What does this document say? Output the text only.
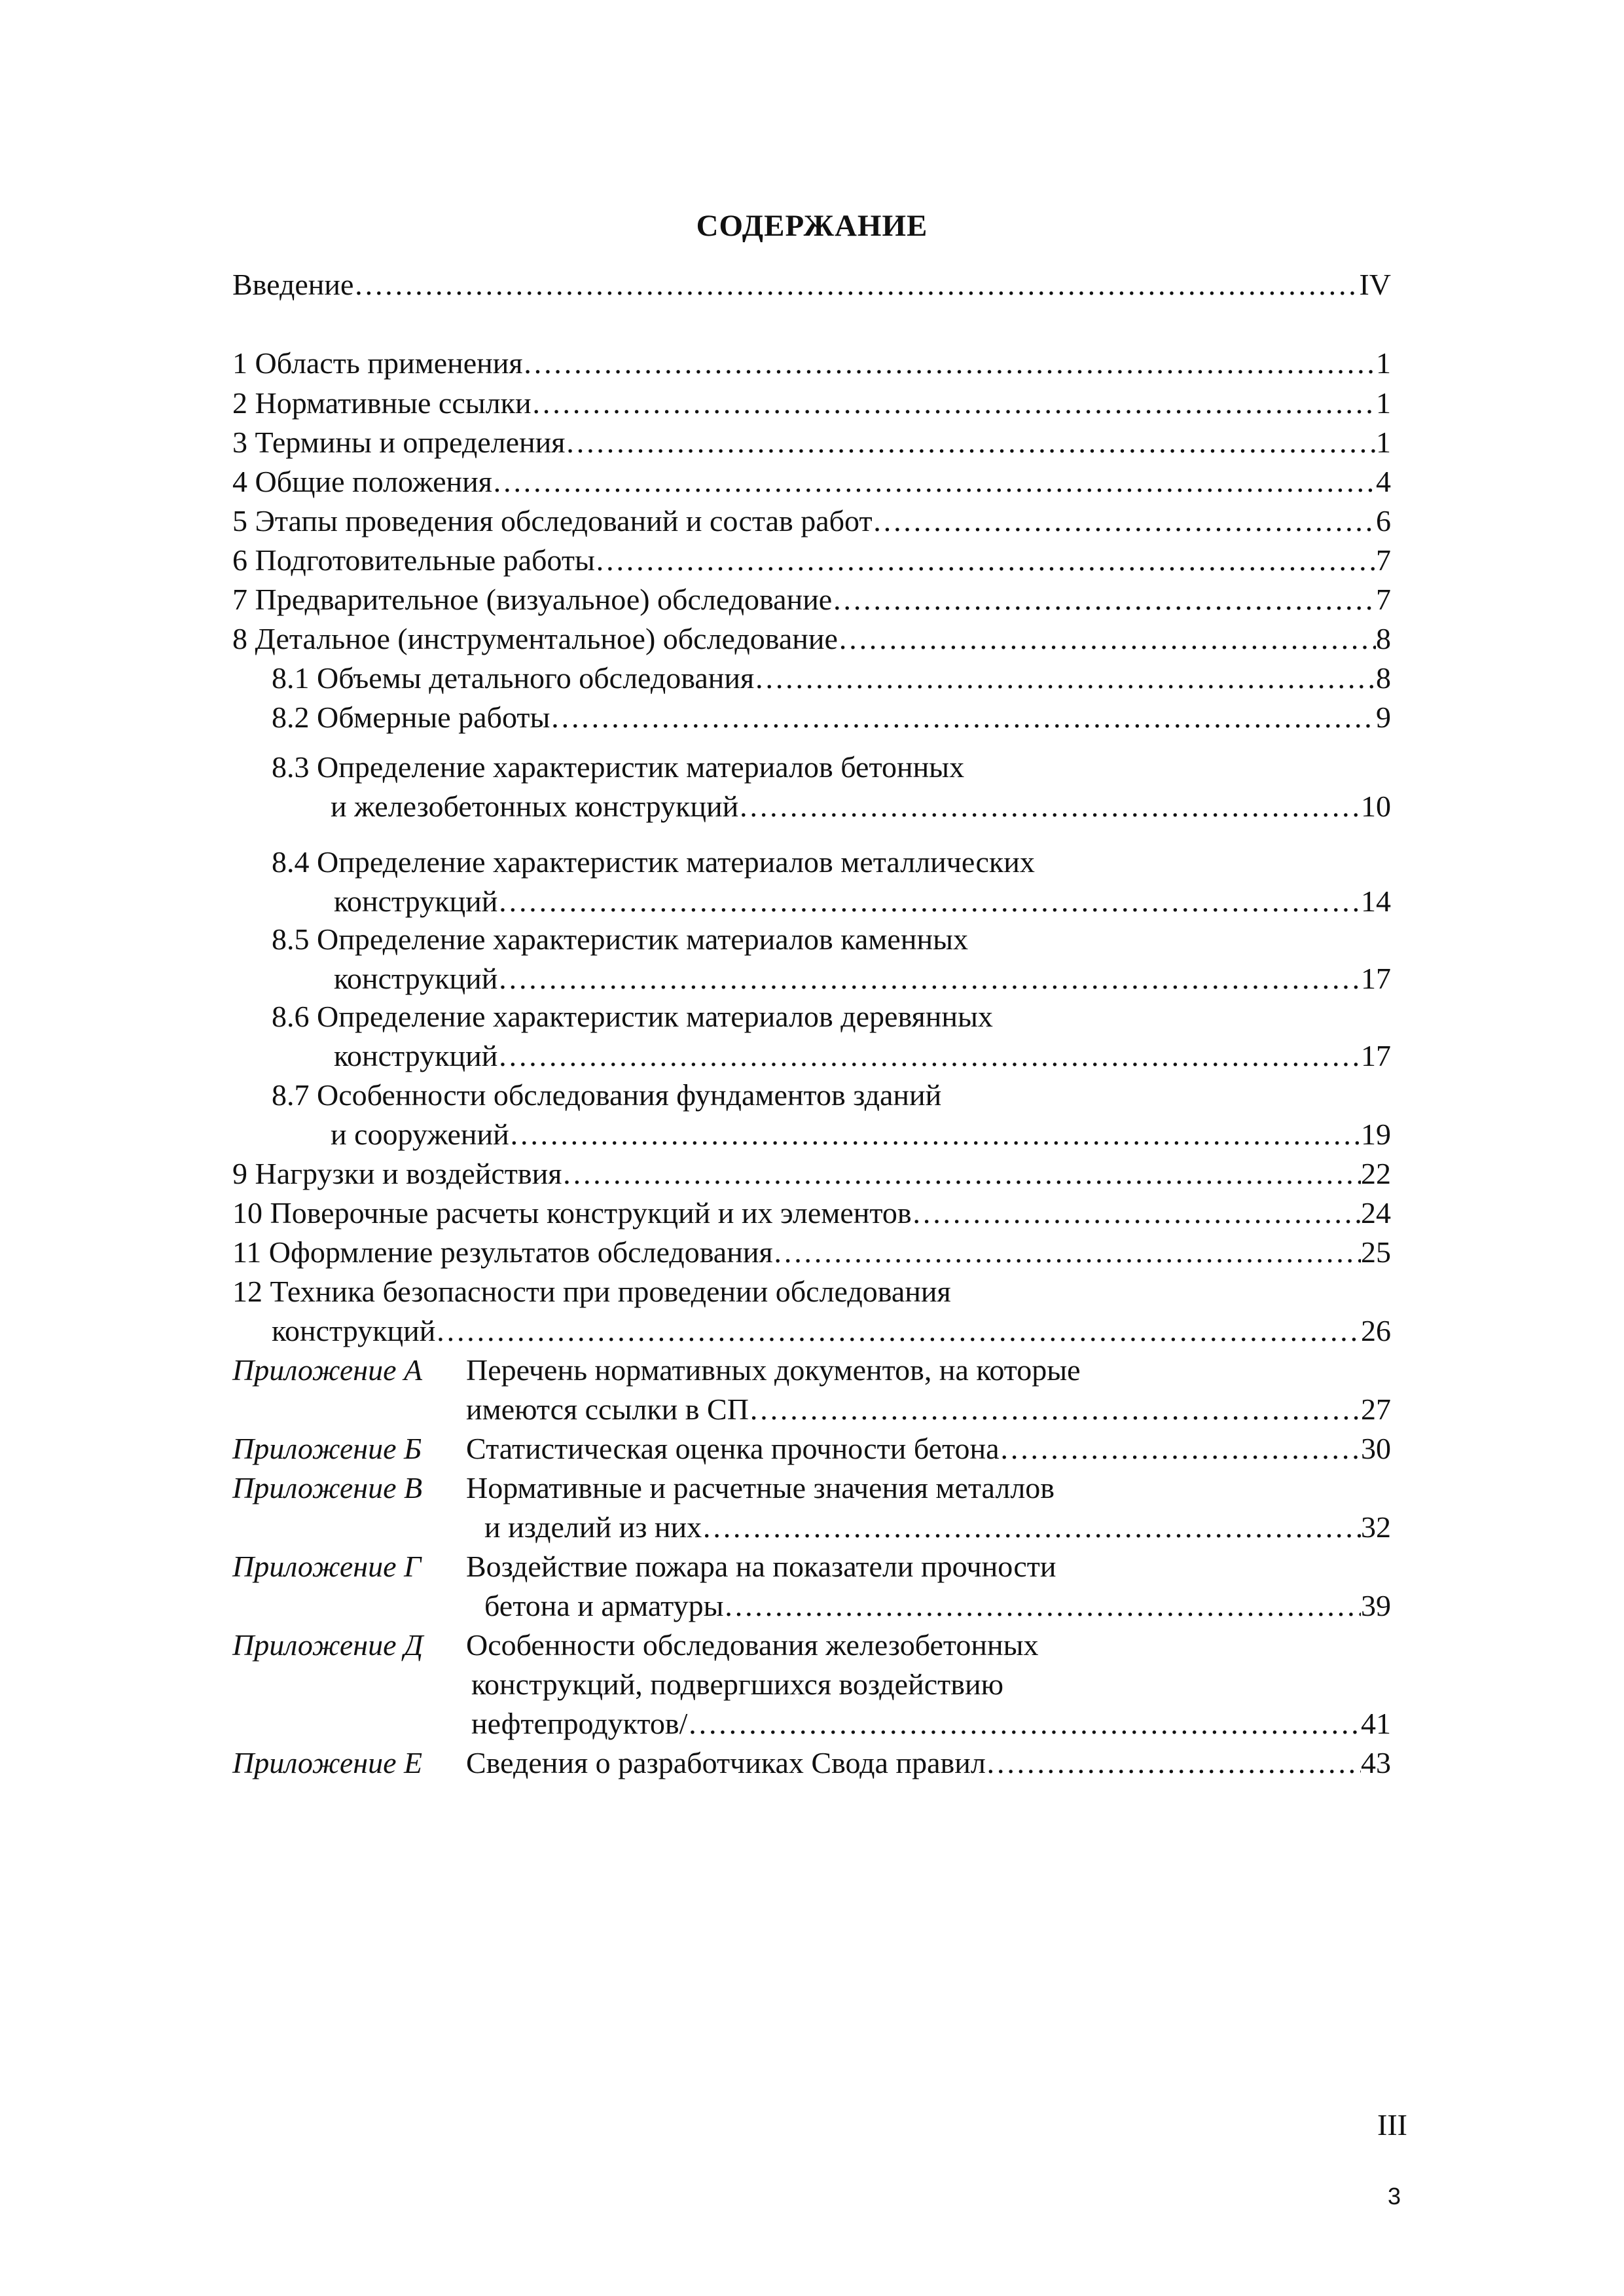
СОДЕРЖАНИЕ
Введение …………………………………………………………………………………………………………………………………………………………………………………………………………………………………………………	IV
1 Область применения …………………………………………………………………………………………………………………………………………………………………………………………………………………………………………………	1
2 Нормативные ссылки …………………………………………………………………………………………………………………………………………………………………………………………………………………………………………………	1
3 Термины и определения …………………………………………………………………………………………………………………………………………………………………………………………………………………………………………………	1
4 Общие положения …………………………………………………………………………………………………………………………………………………………………………………………………………………………………………………	4
5 Этапы проведения обследований и состав работ …………………………………………………………………………………………………………………………………………………………………………………………………………………………………………………	6
6 Подготовительные работы …………………………………………………………………………………………………………………………………………………………………………………………………………………………………………………	7
7 Предварительное (визуальное) обследование …………………………………………………………………………………………………………………………………………………………………………………………………………………………………………………	7
8 Детальное (инструментальное) обследование …………………………………………………………………………………………………………………………………………………………………………………………………………………………………………………	8
8.1 Объемы детального обследования …………………………………………………………………………………………………………………………………………………………………………………………………………………………………………………	8
8.2 Обмерные работы …………………………………………………………………………………………………………………………………………………………………………………………………………………………………………………	9
8.3 Определение характеристик материалов бетонных
и железобетонных конструкций …………………………………………………………………………………………………………………………………………………………………………………………………………………………………………………	10
8.4 Определение характеристик материалов металлических
конструкций …………………………………………………………………………………………………………………………………………………………………………………………………………………………………………………	14
8.5 Определение характеристик материалов каменных
конструкций …………………………………………………………………………………………………………………………………………………………………………………………………………………………………………………	17
8.6 Определение характеристик материалов деревянных
конструкций …………………………………………………………………………………………………………………………………………………………………………………………………………………………………………………	17
8.7 Особенности обследования фундаментов зданий
и сооружений …………………………………………………………………………………………………………………………………………………………………………………………………………………………………………………	19
9 Нагрузки и воздействия …………………………………………………………………………………………………………………………………………………………………………………………………………………………………………………	22
10 Поверочные расчеты конструкций и их элементов …………………………………………………………………………………………………………………………………………………………………………………………………………………………………………………	24
11 Оформление результатов обследования …………………………………………………………………………………………………………………………………………………………………………………………………………………………………………………	25
12 Техника безопасности при проведении обследования
конструкций …………………………………………………………………………………………………………………………………………………………………………………………………………………………………………………	26
Приложение А Перечень нормативных документов, на которые
имеются ссылки в СП …………………………………………………………………………………………………………………………………………………………………………………………………………………………………………………	27
Приложение Б Статистическая оценка прочности бетона …………………………………………………………………………………………………………………………………………………………………………………………………………………………………………………	30
Приложение В Нормативные и расчетные значения металлов
и изделий из них …………………………………………………………………………………………………………………………………………………………………………………………………………………………………………………	32
Приложение Г Воздействие пожара на показатели прочности
бетона и арматуры …………………………………………………………………………………………………………………………………………………………………………………………………………………………………………………	39
Приложение Д Особенности обследования железобетонных
конструкций, подвергшихся воздействию
нефтепродуктов/ …………………………………………………………………………………………………………………………………………………………………………………………………………………………………………………	41
Приложение Е Сведения о разработчиках Свода правил …………………………………………………………………………………………………………………………………………………………………………………………………………………………………………………	43
III
3
